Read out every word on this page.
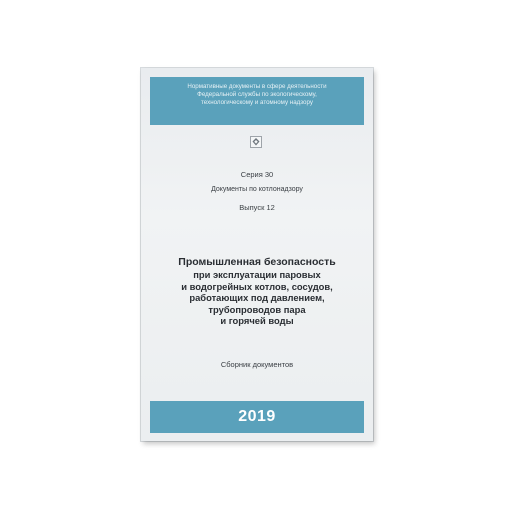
Нормативные документы в сфере деятельности
Федеральной службы по экологическому,
технологическому и атомному надзору
Серия 30
Документы по котлонадзору
Выпуск 12
Промышленная безопасность
при эксплуатации паровых
и водогрейных котлов, сосудов,
работающих под давлением,
трубопроводов пара
и горячей воды
Сборник документов
2019
